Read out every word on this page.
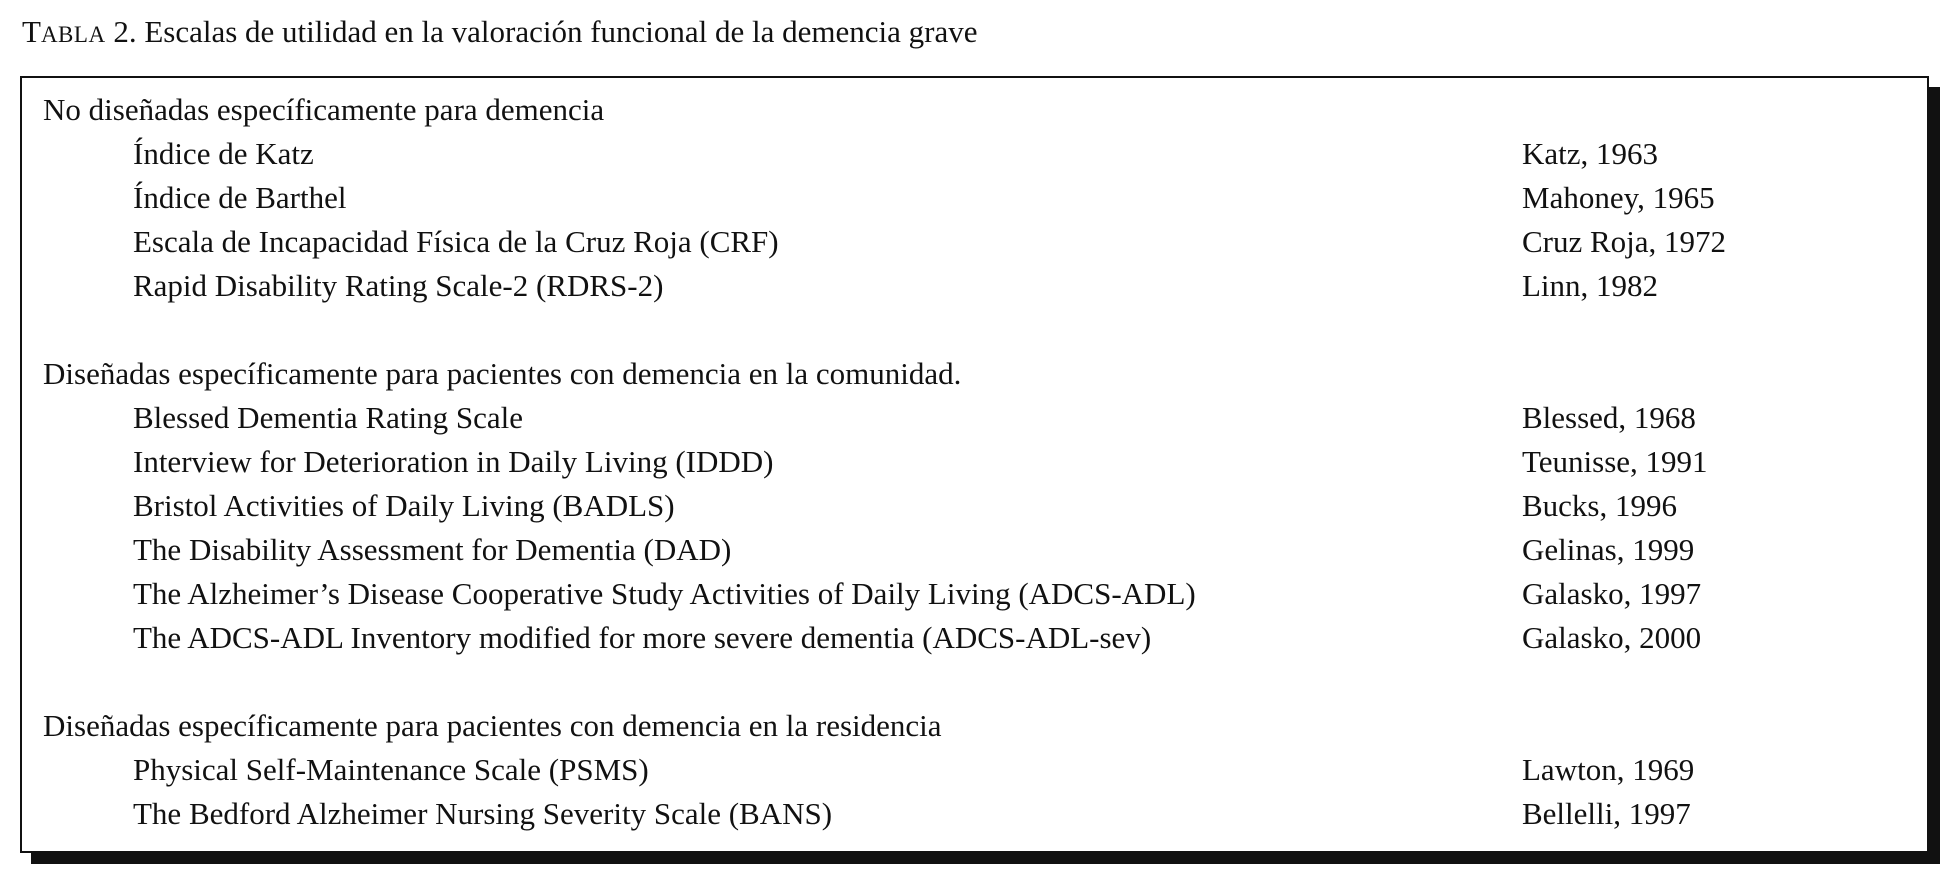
TABLA 2. Escalas de utilidad en la valoración funcional de la demencia grave
No diseñadas específicamente para demencia
Índice de Katz	Katz, 1963
Índice de Barthel	Mahoney, 1965
Escala de Incapacidad Física de la Cruz Roja (CRF)	Cruz Roja, 1972
Rapid Disability Rating Scale-2 (RDRS-2)	Linn, 1982
Diseñadas específicamente para pacientes con demencia en la comunidad.
Blessed Dementia Rating Scale	Blessed, 1968
Interview for Deterioration in Daily Living (IDDD)	Teunisse, 1991
Bristol Activities of Daily Living (BADLS)	Bucks, 1996
The Disability Assessment for Dementia (DAD)	Gelinas, 1999
The Alzheimer’s Disease Cooperative Study Activities of Daily Living (ADCS-ADL)	Galasko, 1997
The ADCS-ADL Inventory modified for more severe dementia (ADCS-ADL-sev)	Galasko, 2000
Diseñadas específicamente para pacientes con demencia en la residencia
Physical Self-Maintenance Scale (PSMS)	Lawton, 1969
The Bedford Alzheimer Nursing Severity Scale (BANS)	Bellelli, 1997
